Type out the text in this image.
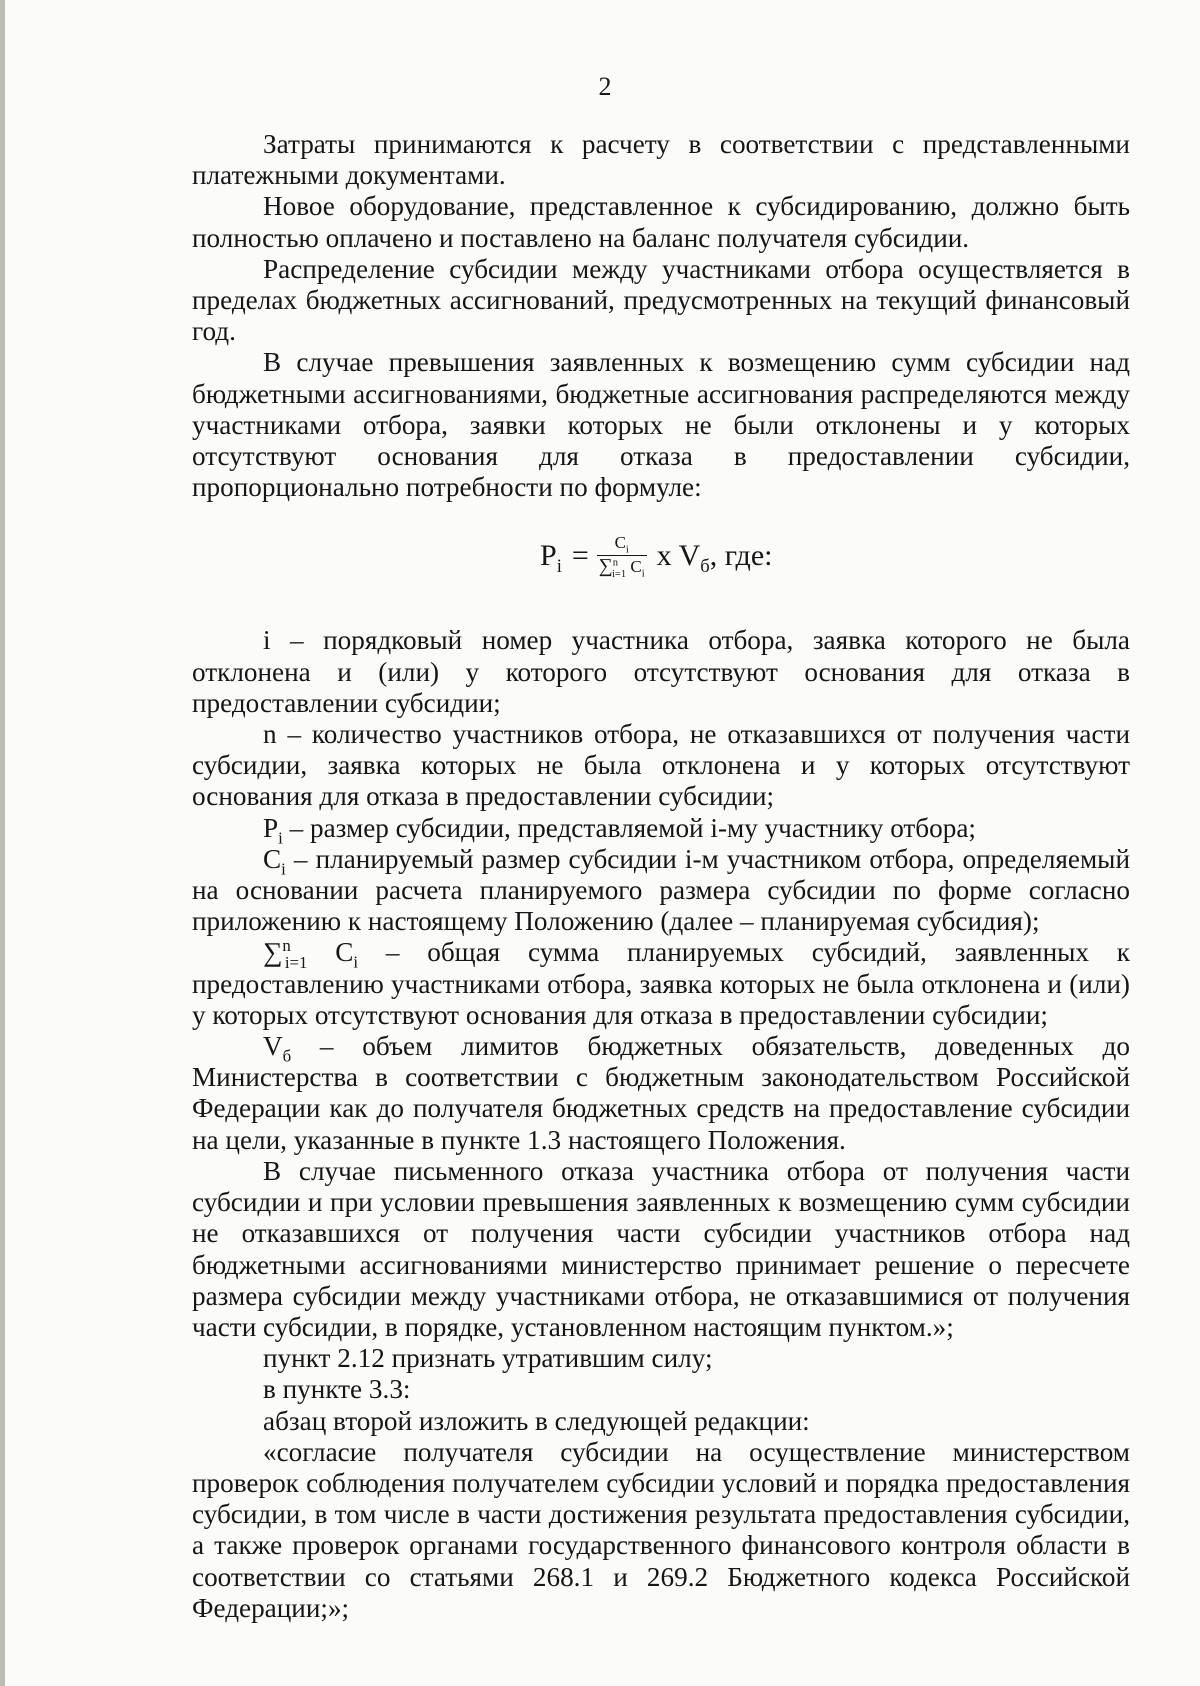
2

Затраты принимаются к расчету в соответствии с представленными платежными документами.

Новое оборудование, представленное к субсидированию, должно быть полностью оплачено и поставлено на баланс получателя субсидии.

Распределение субсидии между участниками отбора осуществляется в пределах бюджетных ассигнований, предусмотренных на текущий финансовый год.

В случае превышения заявленных к возмещению сумм субсидии над бюджетными ассигнованиями, бюджетные ассигнования распределяются между участниками отбора, заявки которых не были отклонены и у которых отсутствуют основания для отказа в предоставлении субсидии, пропорционально потребности по формуле:

$P_i = \frac{C_i}{\sum^n_{i=1} C_i}$ x $V_б$ , где:

i – порядковый номер участника отбора, заявка которого не была отклонена и (или) у которого отсутствуют основания для отказа в предоставлении субсидии;

n – количество участников отбора, не отказавшихся от получения части субсидии, заявка которых не была отклонена и у которых отсутствуют основания для отказа в предоставлении субсидии;

$P_i$ – размер субсидии, представляемой i-му участнику отбора;

$C_i$ – планируемый размер субсидии i-м участником отбора, определяемый на основании расчета планируемого размера субсидии по форме согласно приложению к настоящему Положению (далее – планируемая субсидия);

∑$^n_{i=1}$ $C_i$ – общая сумма планируемых субсидий, заявленных к предоставлению участниками отбора, заявка которых не была отклонена и (или) у которых отсутствуют основания для отказа в предоставлении субсидии;

$V_б$ – объем лимитов бюджетных обязательств, доведенных до Министерства в соответствии с бюджетным законодательством Российской Федерации как до получателя бюджетных средств на предоставление субсидии на цели, указанные в пункте 1.3 настоящего Положения.

В случае письменного отказа участника отбора от получения части субсидии и при условии превышения заявленных к возмещению сумм субсидии не отказавшихся от получения части субсидии участников отбора над бюджетными ассигнованиями министерство принимает решение о пересчете размера субсидии между участниками отбора, не отказавшимися от получения части субсидии, в порядке, установленном настоящим пунктом.»;

пункт 2.12 признать утратившим силу;

в пункте 3.3:

абзац второй изложить в следующей редакции:

«согласие получателя субсидии на осуществление министерством проверок соблюдения получателем субсидии условий и порядка предоставления субсидии, в том числе в части достижения результата предоставления субсидии, а также проверок органами государственного финансового контроля области в соответствии со статьями 268.1 и 269.2 Бюджетного кодекса Российской Федерации;»;
